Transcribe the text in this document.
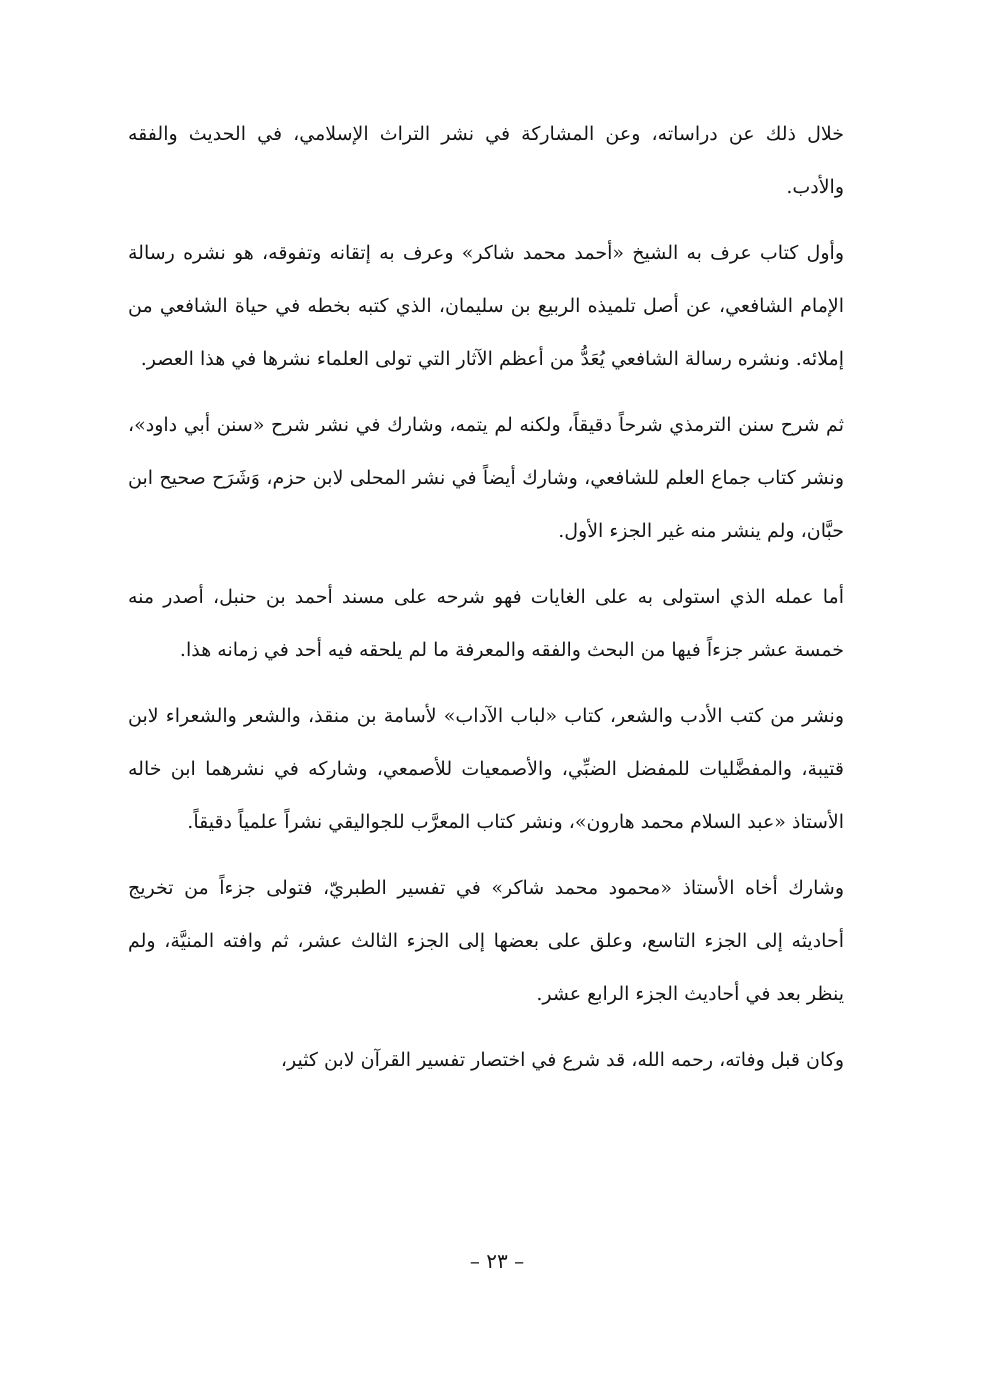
خلال ذلك عن دراساته، وعن المشاركة في نشر التراث الإسلامي، في الحديث والفقه والأدب.

وأول كتاب عرف به الشيخ «أحمد محمد شاكر» وعرف به إتقانه وتفوقه، هو نشره رسالة الإمام الشافعي، عن أصل تلميذه الربيع بن سليمان، الذي كتبه بخطه في حياة الشافعي من إملائه. ونشره رسالة الشافعي يُعَدُّ من أعظم الآثار التي تولى العلماء نشرها في هذا العصر.

ثم شرح سنن الترمذي شرحاً دقيقاً، ولكنه لم يتمه، وشارك في نشر شرح «سنن أبي داود»، ونشر كتاب جماع العلم للشافعي، وشارك أيضاً في نشر المحلى لابن حزم، وَشَرَح صحيح ابن حبَّان، ولم ينشر منه غير الجزء الأول.

أما عمله الذي استولى به على الغايات فهو شرحه على مسند أحمد بن حنبل، أصدر منه خمسة عشر جزءاً فيها من البحث والفقه والمعرفة ما لم يلحقه فيه أحد في زمانه هذا.

ونشر من كتب الأدب والشعر، كتاب «لباب الآداب» لأسامة بن منقذ، والشعر والشعراء لابن قتيبة، والمفضَّليات للمفضل الضبِّي، والأصمعيات للأصمعي، وشاركه في نشرهما ابن خاله الأستاذ «عبد السلام محمد هارون»، ونشر كتاب المعرَّب للجواليقي نشراً علمياً دقيقاً.

وشارك أخاه الأستاذ «محمود محمد شاكر» في تفسير الطبريّ، فتولى جزءاً من تخريج أحاديثه إلى الجزء التاسع، وعلق على بعضها إلى الجزء الثالث عشر، ثم وافته المنيَّة، ولم ينظر بعد في أحاديث الجزء الرابع عشر.

وكان قبل وفاته، رحمه الله، قد شرع في اختصار تفسير القرآن لابن كثير،

– ٢٣ –
